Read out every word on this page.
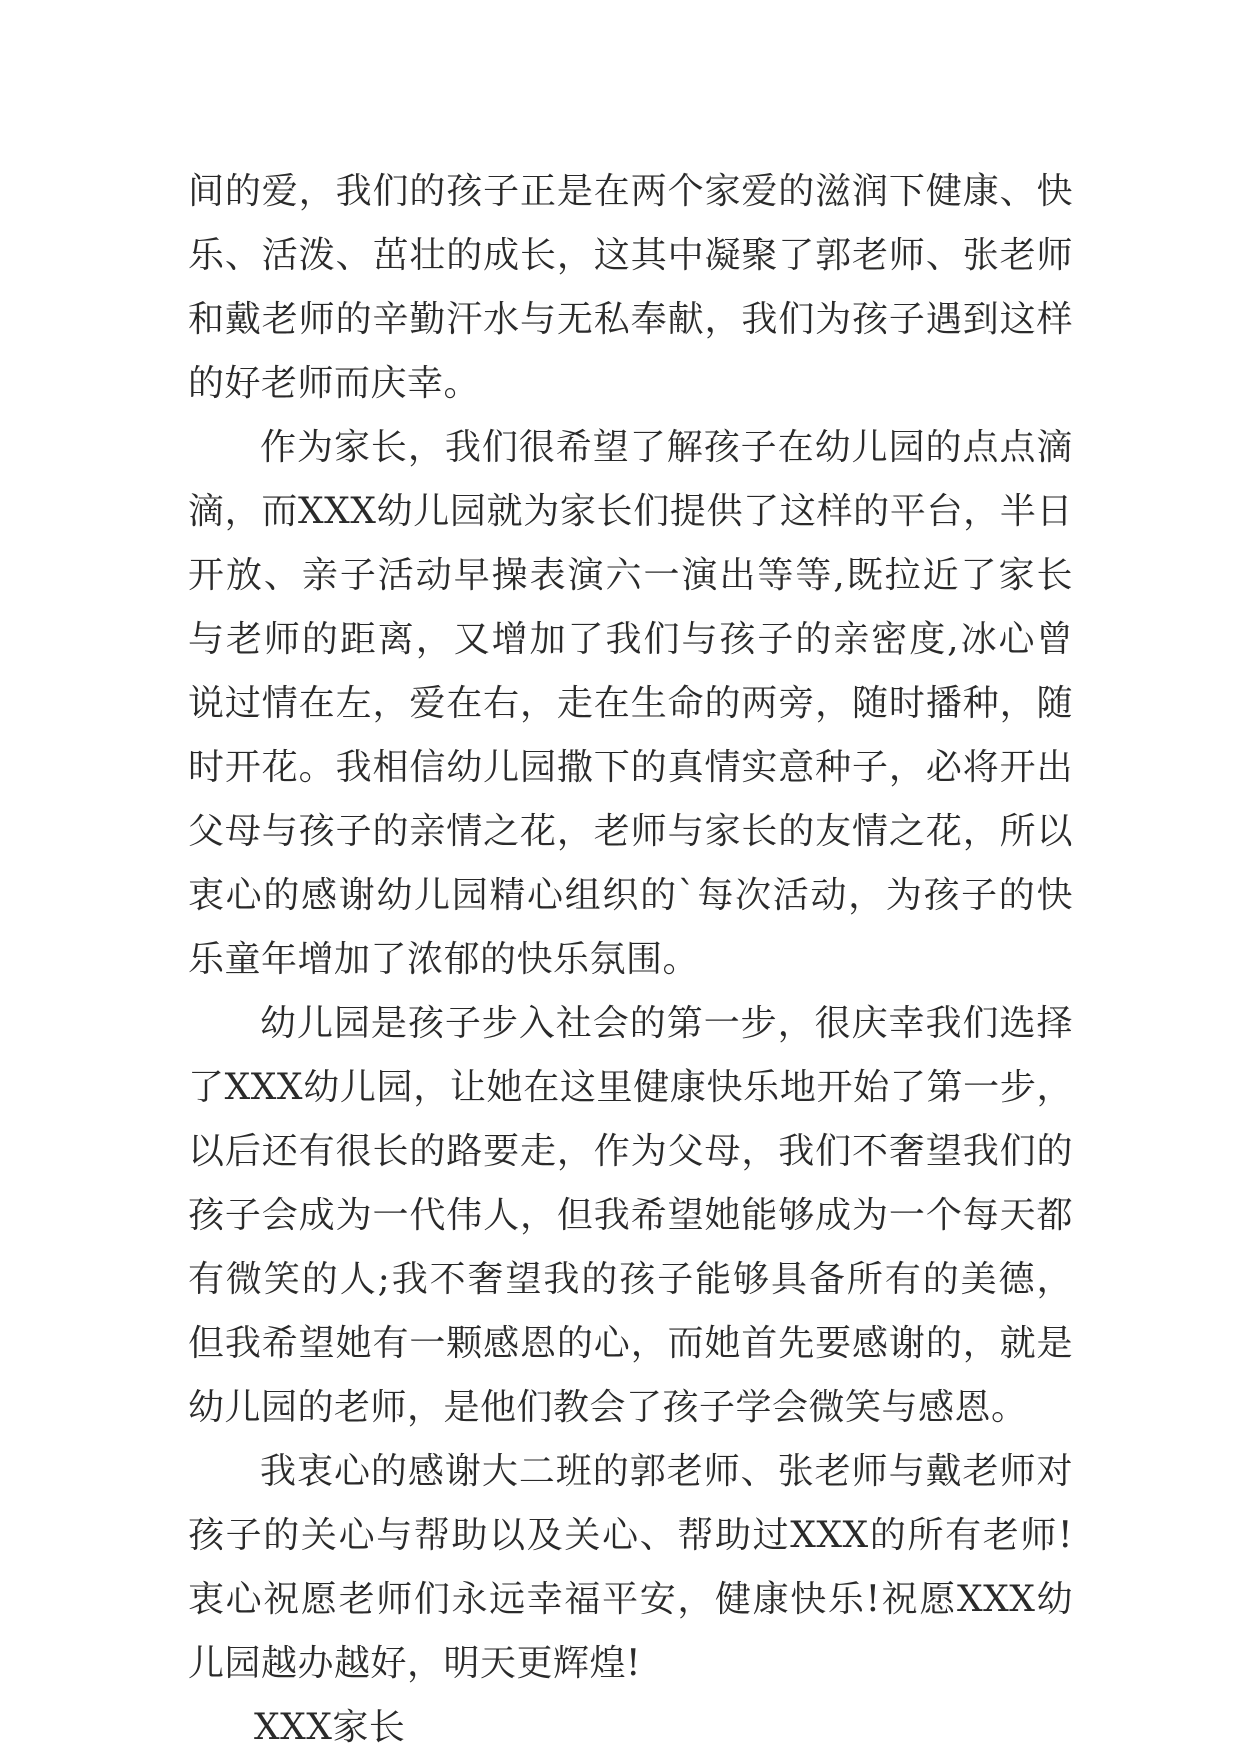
间的爱，我们的孩子正是在两个家爱的滋润下健康、快乐、活泼、茁壮的成长，这其中凝聚了郭老师、张老师和戴老师的辛勤汗水与无私奉献，我们为孩子遇到这样的好老师而庆幸。

作为家长，我们很希望了解孩子在幼儿园的点点滴滴，而XXX幼儿园就为家长们提供了这样的平台，半日开放、亲子活动早操表演六一演出等等,既拉近了家长与老师的距离，又增加了我们与孩子的亲密度,冰心曾说过情在左，爱在右，走在生命的两旁，随时播种，随时开花。我相信幼儿园撒下的真情实意种子，必将开出父母与孩子的亲情之花，老师与家长的友情之花，所以衷心的感谢幼儿园精心组织的`每次活动，为孩子的快乐童年增加了浓郁的快乐氛围。

幼儿园是孩子步入社会的第一步，很庆幸我们选择了XXX幼儿园，让她在这里健康快乐地开始了第一步，以后还有很长的路要走，作为父母，我们不奢望我们的孩子会成为一代伟人，但我希望她能够成为一个每天都有微笑的人;我不奢望我的孩子能够具备所有的美德，但我希望她有一颗感恩的心，而她首先要感谢的，就是幼儿园的老师，是他们教会了孩子学会微笑与感恩。

我衷心的感谢大二班的郭老师、张老师与戴老师对孩子的关心与帮助以及关心、帮助过XXX的所有老师!衷心祝愿老师们永远幸福平安，健康快乐!祝愿XXX幼儿园越办越好，明天更辉煌!

XXX家长
